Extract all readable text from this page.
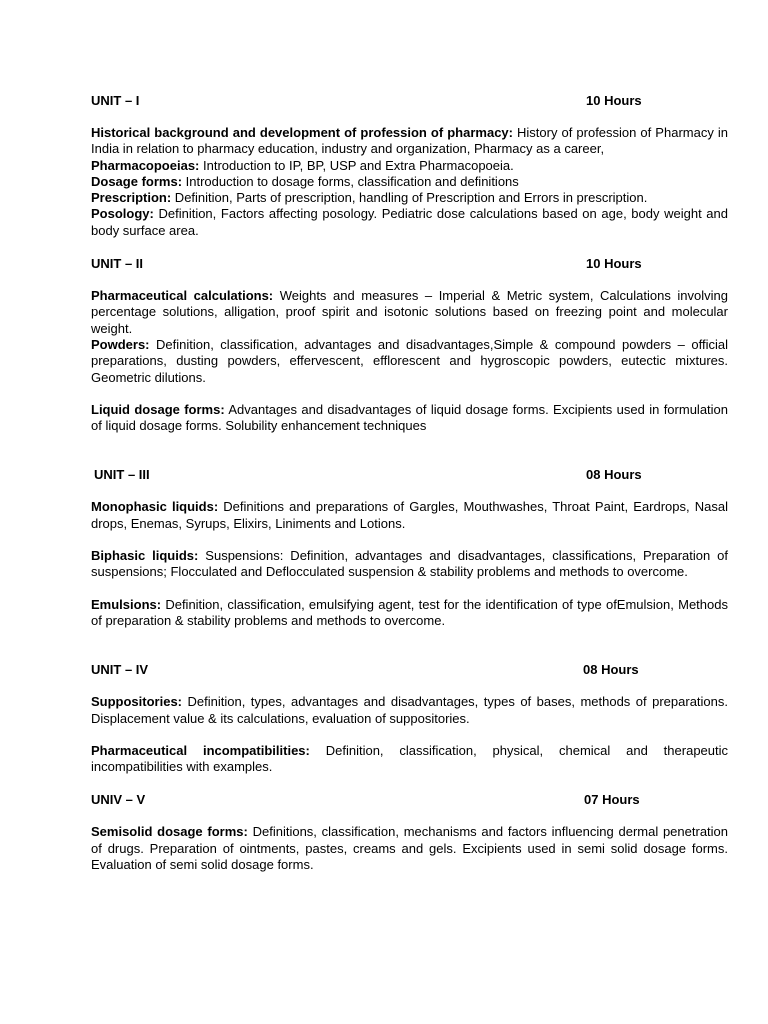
UNIT – I	10 Hours

Historical background and development of profession of pharmacy: History of profession of Pharmacy in India in relation to pharmacy education, industry and organization, Pharmacy as a career,

Pharmacopoeias: Introduction to IP, BP, USP and Extra Pharmacopoeia.

Dosage forms: Introduction to dosage forms, classification and definitions

Prescription: Definition, Parts of prescription, handling of Prescription and Errors in prescription.

Posology: Definition, Factors affecting posology. Pediatric dose calculations based on age, body weight and body surface area.

UNIT – II	10 Hours

Pharmaceutical calculations: Weights and measures – Imperial & Metric system, Calculations involving percentage solutions, alligation, proof spirit and isotonic solutions based on freezing point and molecular weight.

Powders: Definition, classification, advantages and disadvantages,Simple & compound powders – official preparations, dusting powders, effervescent, efflorescent and hygroscopic powders, eutectic mixtures. Geometric dilutions.

Liquid dosage forms: Advantages and disadvantages of liquid dosage forms. Excipients used in formulation of liquid dosage forms. Solubility enhancement techniques

UNIT – III	08 Hours

Monophasic liquids: Definitions and preparations of Gargles, Mouthwashes, Throat Paint, Eardrops, Nasal drops, Enemas, Syrups, Elixirs, Liniments and Lotions.

Biphasic liquids: Suspensions: Definition, advantages and disadvantages, classifications, Preparation of suspensions; Flocculated and Deflocculated suspension & stability problems and methods to overcome.

Emulsions: Definition, classification, emulsifying agent, test for the identification of type ofEmulsion, Methods of preparation & stability problems and methods to overcome.

UNIT – IV	08 Hours

Suppositories: Definition, types, advantages and disadvantages, types of bases, methods of preparations. Displacement value & its calculations, evaluation of suppositories.

Pharmaceutical incompatibilities: Definition, classification, physical, chemical and therapeutic incompatibilities with examples.

UNIV – V	07 Hours

Semisolid dosage forms: Definitions, classification, mechanisms and factors influencing dermal penetration of drugs. Preparation of ointments, pastes, creams and gels. Excipients used in semi solid dosage forms. Evaluation of semi solid dosage forms.
